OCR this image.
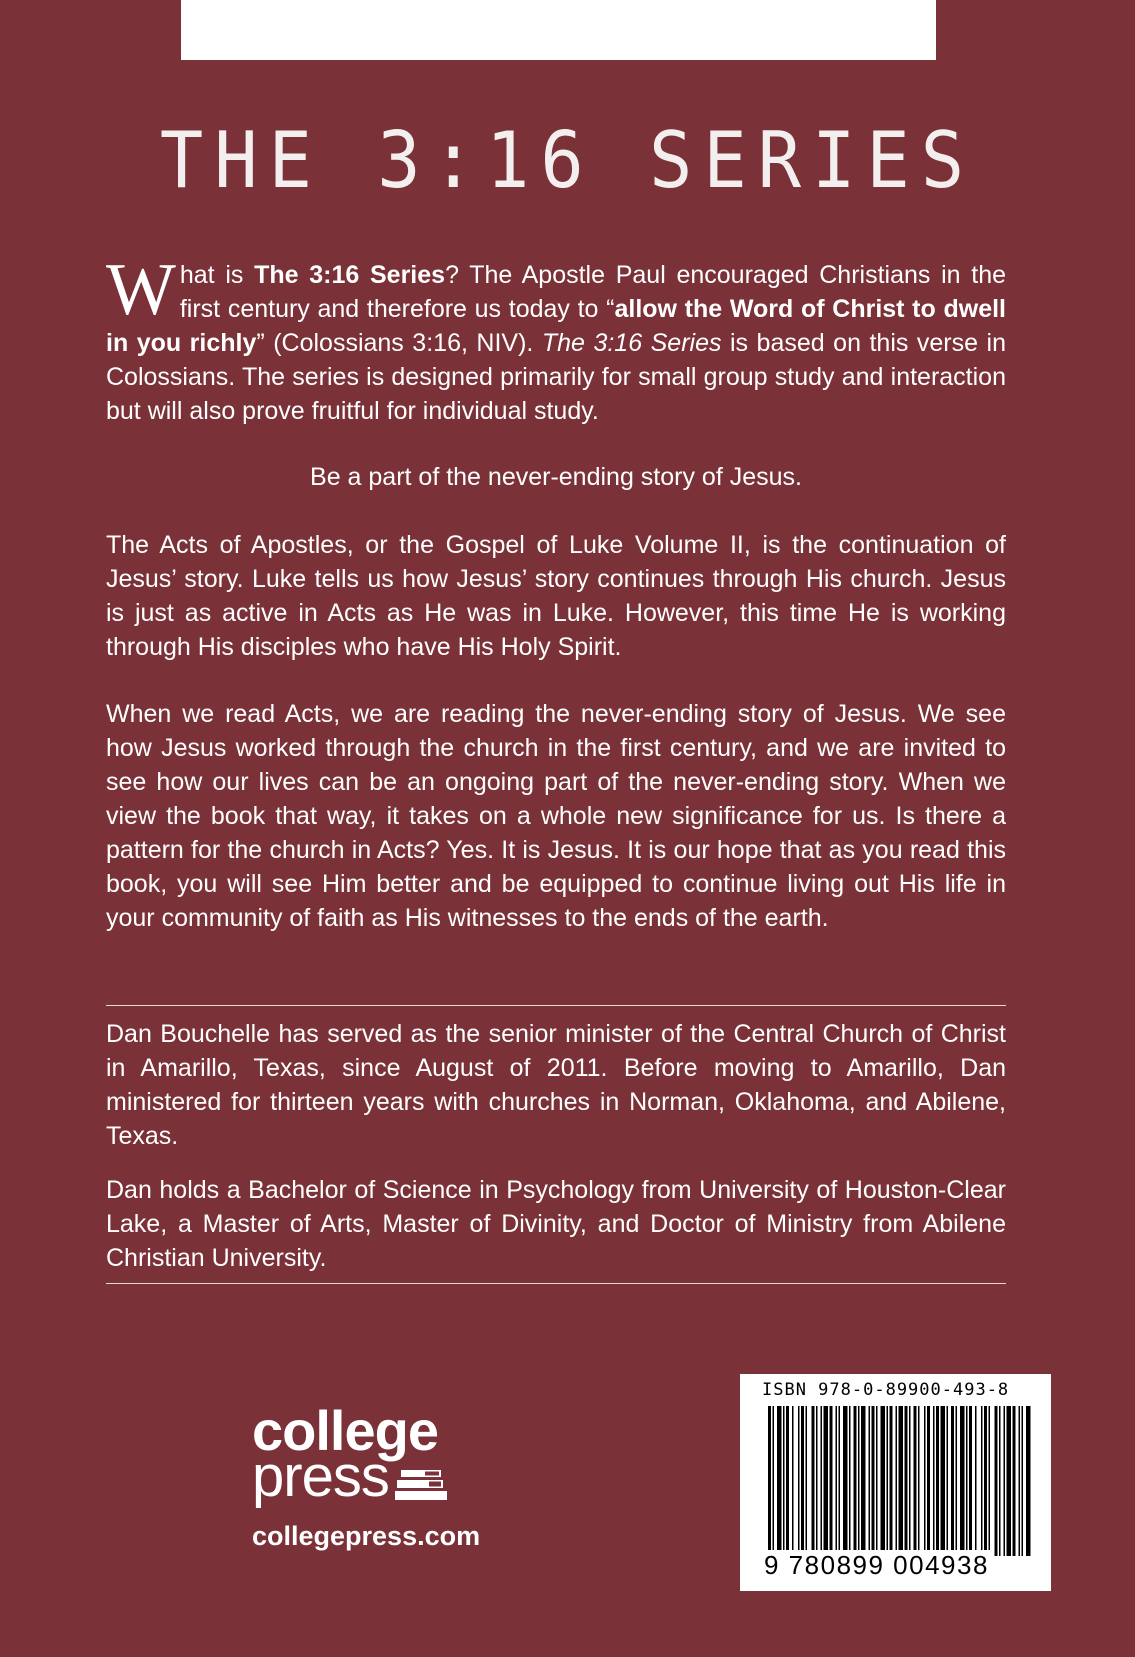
THE 3:16 SERIES
What is The 3:16 Series? The Apostle Paul encouraged Christians in the first century and therefore us today to “allow the Word of Christ to dwell in you richly” (Colossians 3:16, NIV). The 3:16 Series is based on this verse in Colossians. The series is designed primarily for small group study and interaction but will also prove fruitful for individual study.
Be a part of the never-ending story of Jesus.
The Acts of Apostles, or the Gospel of Luke Volume II, is the continuation of Jesus’ story. Luke tells us how Jesus’ story continues through His church. Jesus is just as active in Acts as He was in Luke. However, this time He is working through His disciples who have His Holy Spirit.
When we read Acts, we are reading the never-ending story of Jesus. We see how Jesus worked through the church in the first century, and we are invited to see how our lives can be an ongoing part of the never-ending story. When we view the book that way, it takes on a whole new significance for us. Is there a pattern for the church in Acts? Yes. It is Jesus. It is our hope that as you read this book, you will see Him better and be equipped to continue living out His life in your community of faith as His witnesses to the ends of the earth.
Dan Bouchelle has served as the senior minister of the Central Church of Christ in Amarillo, Texas, since August of 2011. Before moving to Amarillo, Dan ministered for thirteen years with churches in Norman, Oklahoma, and Abilene, Texas.
Dan holds a Bachelor of Science in Psychology from University of Houston-Clear Lake, a Master of Arts, Master of Divinity, and Doctor of Ministry from Abilene Christian University.
college
press
collegepress.com
ISBN 978-0-89900-493-8
9 780899 004938
